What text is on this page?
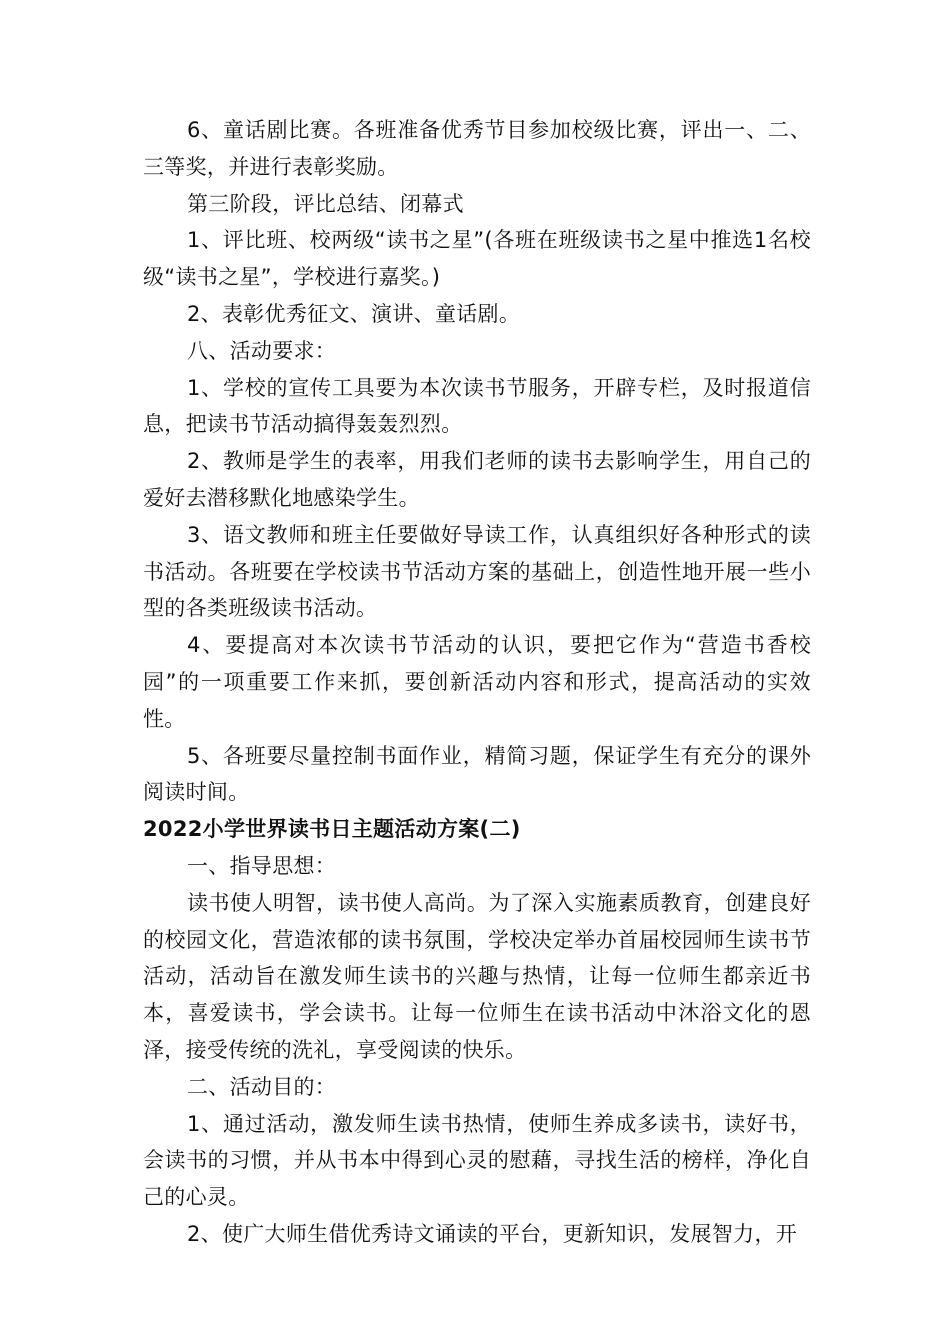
6、童话剧比赛。各班准备优秀节目参加校级比赛，评出一、二、三等奖，并进行表彰奖励。

第三阶段，评比总结、闭幕式

1、评比班、校两级“读书之星”(各班在班级读书之星中推选1名校级“读书之星”，学校进行嘉奖。)

2、表彰优秀征文、演讲、童话剧。

八、活动要求：

1、学校的宣传工具要为本次读书节服务，开辟专栏，及时报道信息，把读书节活动搞得轰轰烈烈。

2、教师是学生的表率，用我们老师的读书去影响学生，用自己的爱好去潜移默化地感染学生。

3、语文教师和班主任要做好导读工作，认真组织好各种形式的读书活动。各班要在学校读书节活动方案的基础上，创造性地开展一些小型的各类班级读书活动。

4、要提高对本次读书节活动的认识，要把它作为“营造书香校园”的一项重要工作来抓，要创新活动内容和形式，提高活动的实效性。

5、各班要尽量控制书面作业，精简习题，保证学生有充分的课外阅读时间。

2022小学世界读书日主题活动方案(二)

一、指导思想：

读书使人明智，读书使人高尚。为了深入实施素质教育，创建良好的校园文化，营造浓郁的读书氛围，学校决定举办首届校园师生读书节活动，活动旨在激发师生读书的兴趣与热情，让每一位师生都亲近书本，喜爱读书，学会读书。让每一位师生在读书活动中沐浴文化的恩泽，接受传统的洗礼，享受阅读的快乐。

二、活动目的：

1、通过活动，激发师生读书热情，使师生养成多读书，读好书，会读书的习惯，并从书本中得到心灵的慰藉，寻找生活的榜样，净化自己的心灵。

2、使广大师生借优秀诗文诵读的平台，更新知识，发展智力，开
